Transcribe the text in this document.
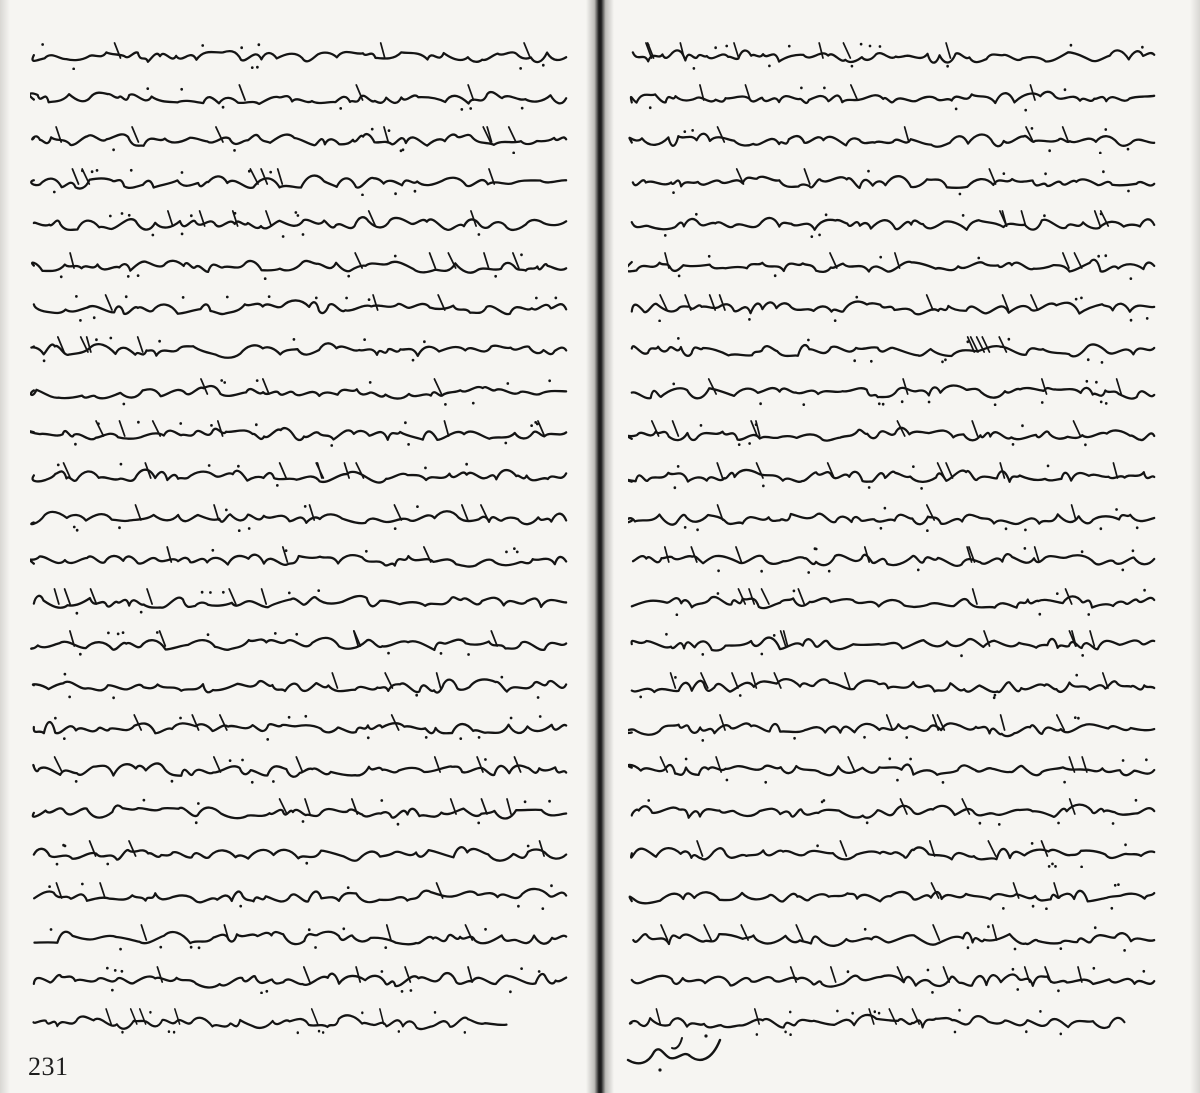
231
